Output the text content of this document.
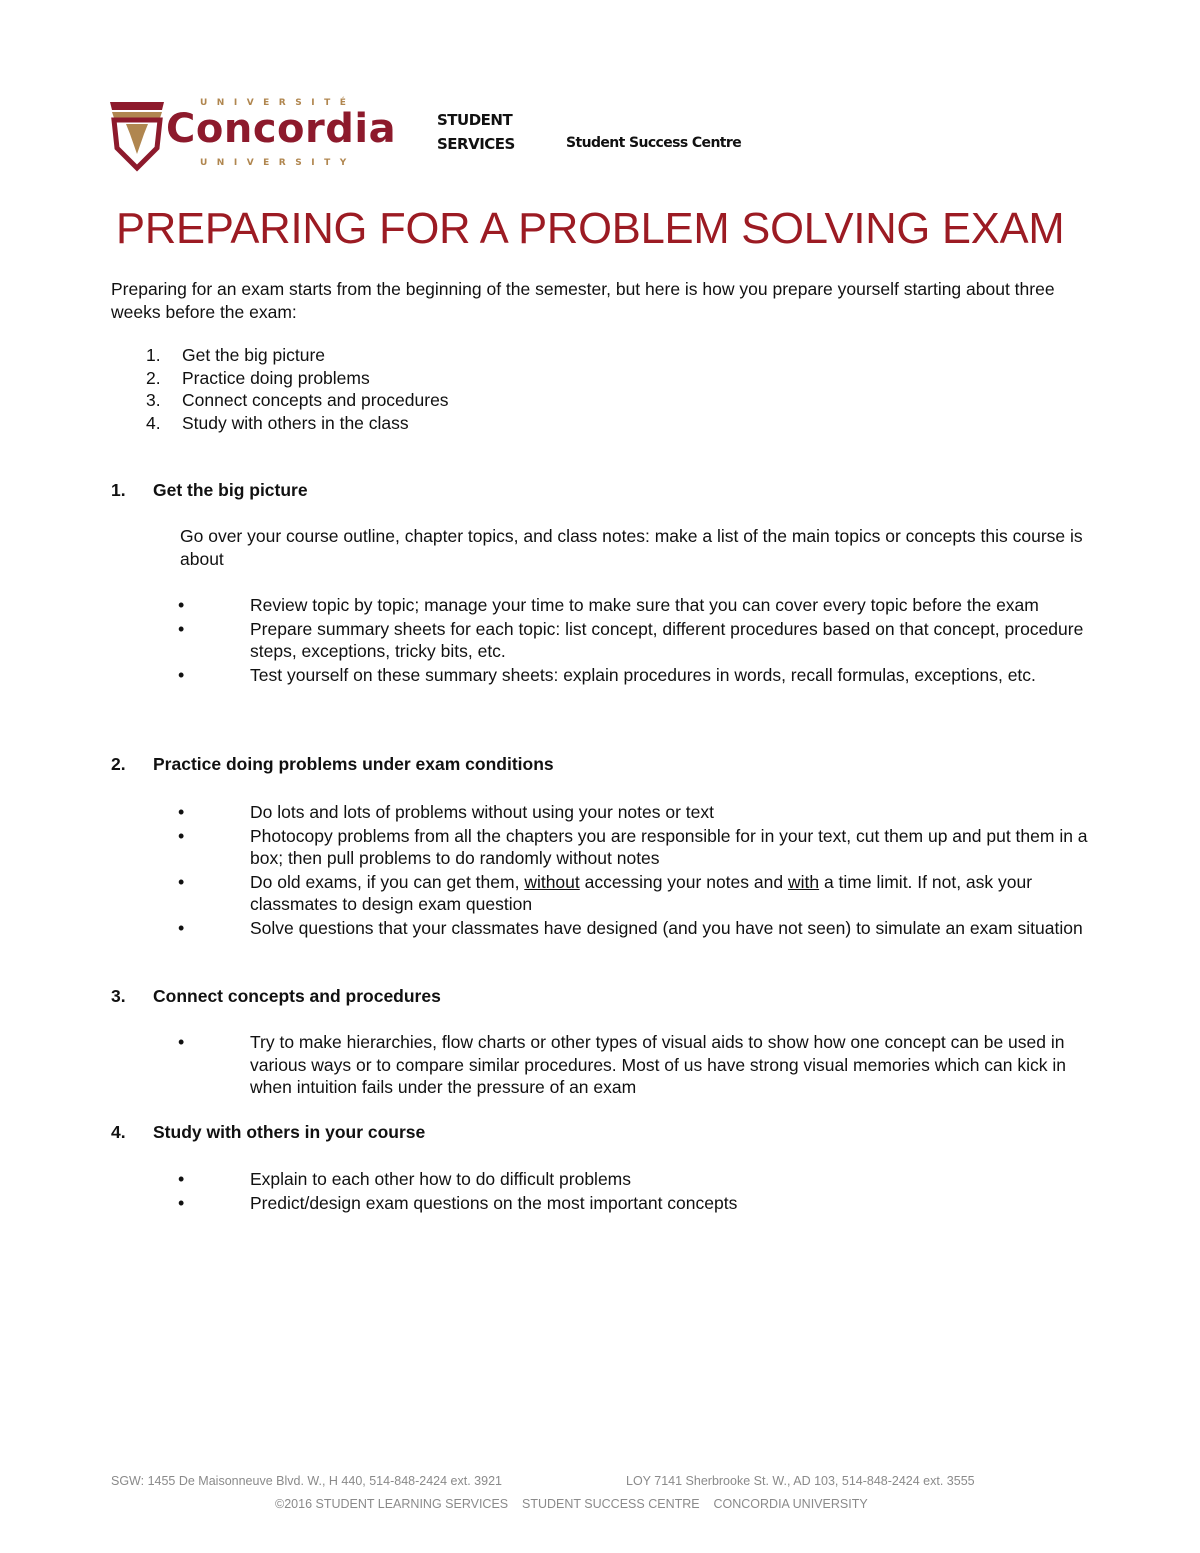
UNIVERSITÉ
Concordia
UNIVERSITY
STUDENT
SERVICES	Student Success Centre
PREPARING FOR A PROBLEM SOLVING EXAM
Preparing for an exam starts from the beginning of the semester, but here is how you prepare yourself starting about three weeks before the exam:
1.	Get the big picture
2.	Practice doing problems
3.	Connect concepts and procedures
4.	Study with others in the class
1.	Get the big picture
Go over your course outline, chapter topics, and class notes: make a list of the main topics or concepts this course is about
• Review topic by topic; manage your time to make sure that you can cover every topic before the exam
• Prepare summary sheets for each topic: list concept, different procedures based on that concept, procedure steps, exceptions, tricky bits, etc.
• Test yourself on these summary sheets: explain procedures in words, recall formulas, exceptions, etc.
2.	Practice doing problems under exam conditions
• Do lots and lots of problems without using your notes or text
• Photocopy problems from all the chapters you are responsible for in your text, cut them up and put them in a box; then pull problems to do randomly without notes
• Do old exams, if you can get them, without accessing your notes and with a time limit. If not, ask your classmates to design exam question
• Solve questions that your classmates have designed (and you have not seen) to simulate an exam situation
3.	Connect concepts and procedures
• Try to make hierarchies, flow charts or other types of visual aids to show how one concept can be used in various ways or to compare similar procedures. Most of us have strong visual memories which can kick in when intuition fails under the pressure of an exam
4.	Study with others in your course
• Explain to each other how to do difficult problems
• Predict/design exam questions on the most important concepts
SGW: 1455 De Maisonneuve Blvd. W., H 440, 514-848-2424 ext. 3921	LOY 7141 Sherbrooke St. W., AD 103, 514-848-2424 ext. 3555
©2016 STUDENT LEARNING SERVICES    STUDENT SUCCESS CENTRE    CONCORDIA UNIVERSITY
